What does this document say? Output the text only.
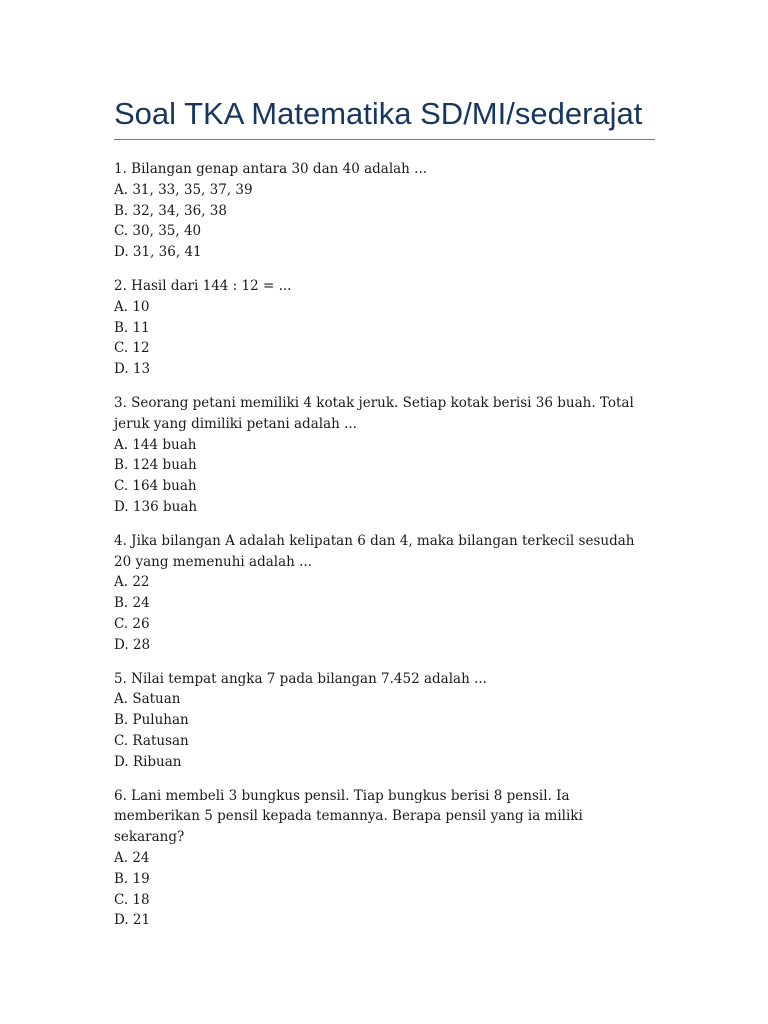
Soal TKA Matematika SD/MI/sederajat

1. Bilangan genap antara 30 dan 40 adalah ...

A. 31, 33, 35, 37, 39

B. 32, 34, 36, 38

C. 30, 35, 40

D. 31, 36, 41

2. Hasil dari 144 : 12 = ...

A. 10

B. 11

C. 12

D. 13

3. Seorang petani memiliki 4 kotak jeruk. Setiap kotak berisi 36 buah. Total jeruk yang dimiliki petani adalah ...

A. 144 buah

B. 124 buah

C. 164 buah

D. 136 buah

4. Jika bilangan A adalah kelipatan 6 dan 4, maka bilangan terkecil sesudah 20 yang memenuhi adalah ...

A. 22

B. 24

C. 26

D. 28

5. Nilai tempat angka 7 pada bilangan 7.452 adalah ...

A. Satuan

B. Puluhan

C. Ratusan

D. Ribuan

6. Lani membeli 3 bungkus pensil. Tiap bungkus berisi 8 pensil. Ia memberikan 5 pensil kepada temannya. Berapa pensil yang ia miliki sekarang?

A. 24

B. 19

C. 18

D. 21
